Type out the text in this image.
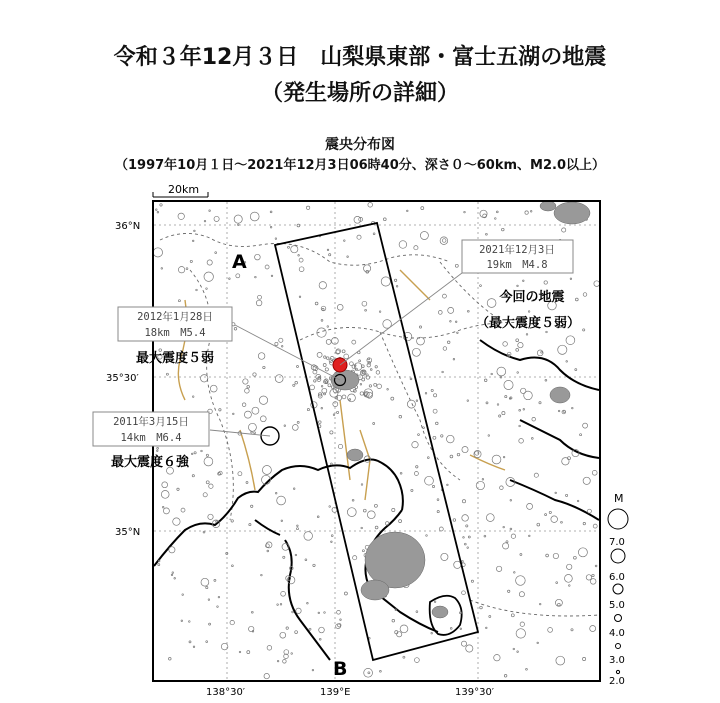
令和３年12月３日　山梨県東部・富士五湖の地震
（発生場所の詳細）
震央分布図
（1997年10月１日～2021年12月3日06時40分、深さ０～60km、M2.0以上）
20km
36°N
35°30′
35°N
138°30′	139°E	139°30′
A
B
2021年12月3日
19km　M4.8
今回の地震
（最大震度５弱）
2012年1月28日
18km　M5.4
最大震度５弱
2011年3月15日
14km　M6.4
最大震度６強
M
7.0
6.0
5.0
4.0
3.0
2.0
